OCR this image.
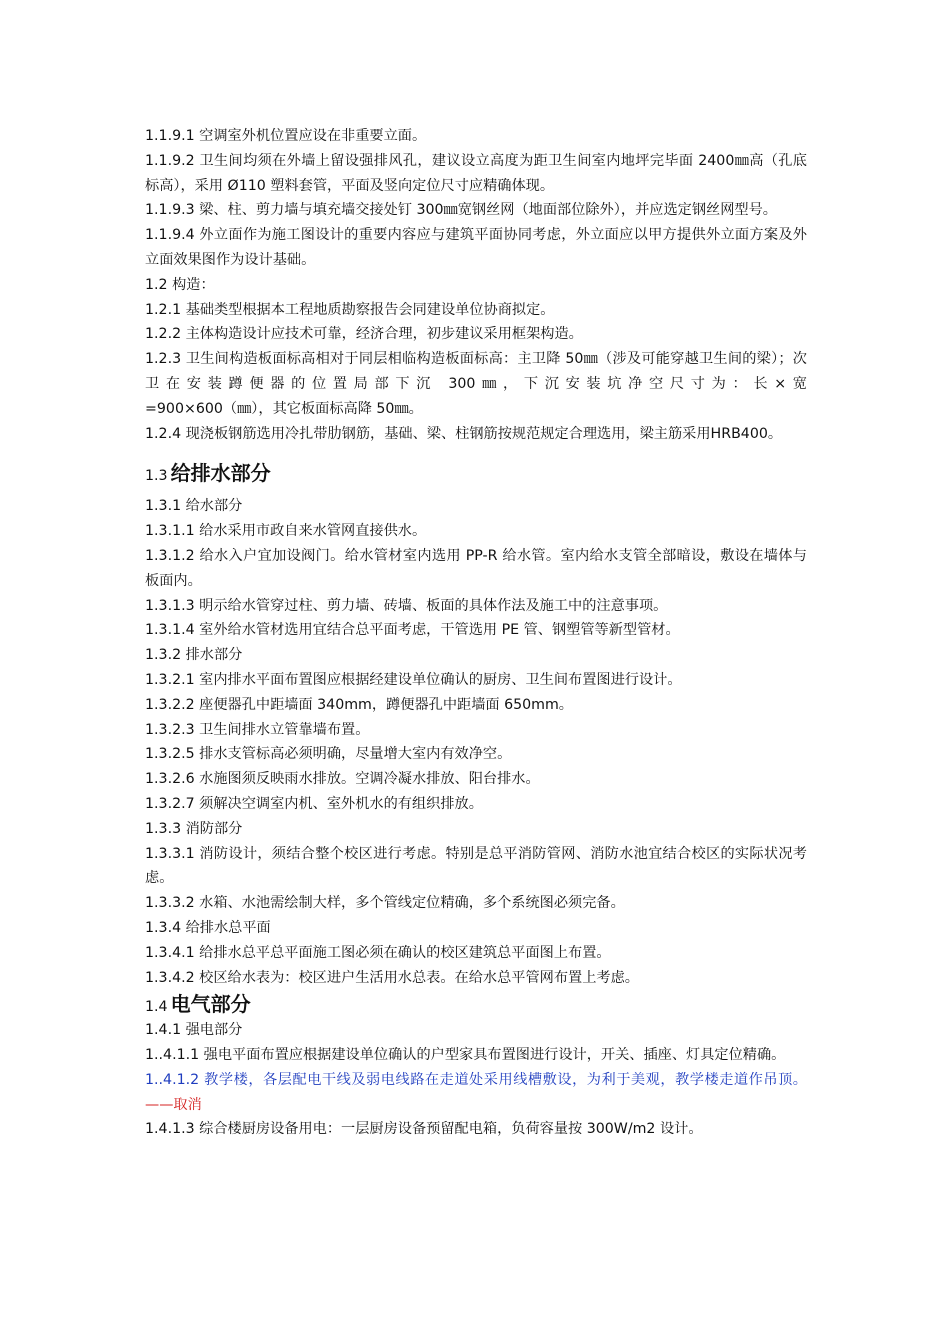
1.1.9.1 空调室外机位置应设在非重要立面。

1.1.9.2 卫生间均须在外墙上留设强排风孔，建议设立高度为距卫生间室内地坪完毕面 2400㎜高（孔底标高），采用 Ø110 塑料套管，平面及竖向定位尺寸应精确体现。

1.1.9.3 梁、柱、剪力墙与填充墙交接处钉 300㎜宽钢丝网（地面部位除外），并应选定钢丝网型号。

1.1.9.4 外立面作为施工图设计的重要内容应与建筑平面协同考虑，外立面应以甲方提供外立面方案及外立面效果图作为设计基础。

1.2 构造：

1.2.1 基础类型根据本工程地质勘察报告会同建设单位协商拟定。

1.2.2 主体构造设计应技术可靠，经济合理，初步建议采用框架构造。

1.2.3 卫生间构造板面标高相对于同层相临构造板面标高：主卫降 50㎜（涉及可能穿越卫生间的梁）；次卫在安装蹲便器的位置局部下沉 300㎜，下沉安装坑净空尺寸为：长×宽

=900×600（㎜），其它板面标高降 50㎜。

1.2.4 现浇板钢筋选用冷扎带肋钢筋，基础、梁、柱钢筋按规范规定合理选用，梁主筋采用HRB400。

1.3 给排水部分

1.3.1 给水部分

1.3.1.1 给水采用市政自来水管网直接供水。

1.3.1.2 给水入户宜加设阀门。给水管材室内选用 PP-R 给水管。室内给水支管全部暗设，敷设在墙体与板面内。

1.3.1.3 明示给水管穿过柱、剪力墙、砖墙、板面的具体作法及施工中的注意事项。

1.3.1.4 室外给水管材选用宜结合总平面考虑，干管选用 PE 管、钢塑管等新型管材。

1.3.2 排水部分

1.3.2.1 室内排水平面布置图应根据经建设单位确认的厨房、卫生间布置图进行设计。

1.3.2.2 座便器孔中距墙面 340mm，蹲便器孔中距墙面 650mm。

1.3.2.3 卫生间排水立管靠墙布置。

1.3.2.5 排水支管标高必须明确，尽量增大室内有效净空。

1.3.2.6 水施图须反映雨水排放。空调冷凝水排放、阳台排水。

1.3.2.7 须解决空调室内机、室外机水的有组织排放。

1.3.3 消防部分

1.3.3.1 消防设计，须结合整个校区进行考虑。特别是总平消防管网、消防水池宜结合校区的实际状况考虑。

1.3.3.2 水箱、水池需绘制大样，多个管线定位精确，多个系统图必须完备。

1.3.4 给排水总平面

1.3.4.1 给排水总平总平面施工图必须在确认的校区建筑总平面图上布置。

1.3.4.2 校区给水表为：校区进户生活用水总表。在给水总平管网布置上考虑。

1.4 电气部分

1.4.1 强电部分

1..4.1.1 强电平面布置应根据建设单位确认的户型家具布置图进行设计，开关、插座、灯具定位精确。

1..4.1.2 教学楼，各层配电干线及弱电线路在走道处采用线槽敷设，为利于美观，教学楼走道作吊顶。——取消

1.4.1.3 综合楼厨房设备用电：一层厨房设备预留配电箱，负荷容量按 300W/m2 设计。
